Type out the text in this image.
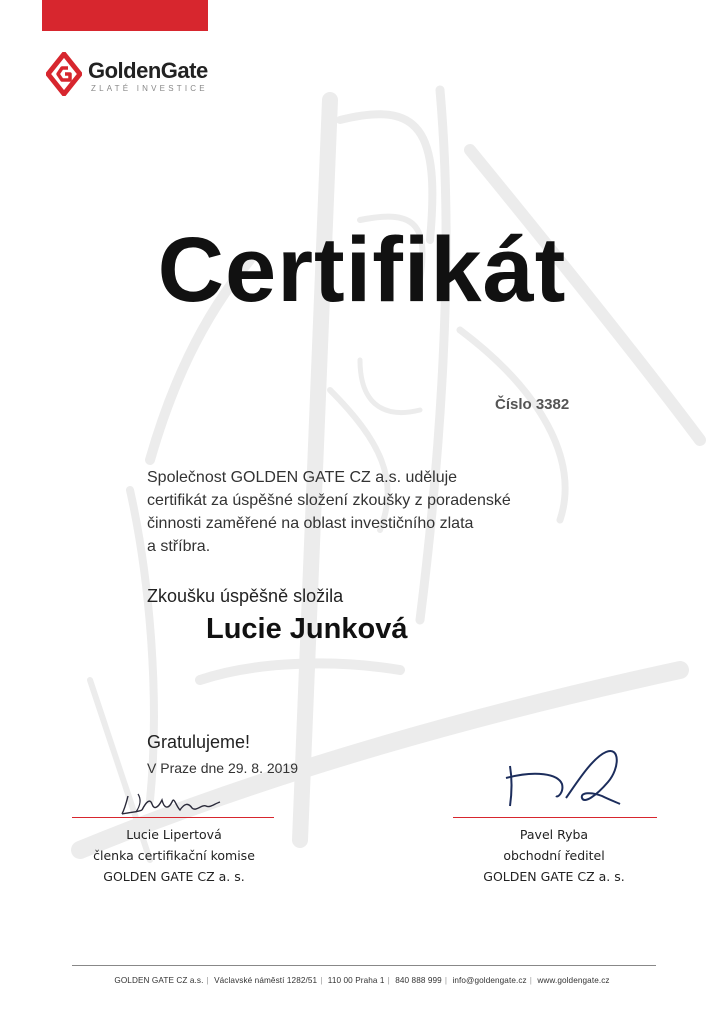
GoldenGate
ZLATÉ INVESTICE
Certifikát
Číslo 3382
Společnost GOLDEN GATE CZ a.s. uděluje
certifikát za úspěšné složení zkoušky z poradenské
činnosti zaměřené na oblast investičního zlata
a stříbra.
Zkoušku úspěšně složila
Lucie Junková
Gratulujeme!
V Praze dne 29. 8. 2019
Lucie Lipertová
členka certifikační komise
GOLDEN GATE CZ a. s.
Pavel Ryba
obchodní ředitel
GOLDEN GATE CZ a. s.
GOLDEN GATE CZ a.s. | Václavské náměstí 1282/51 | 110 00 Praha 1 | 840 888 999 | info@goldengate.cz | www.goldengate.cz
